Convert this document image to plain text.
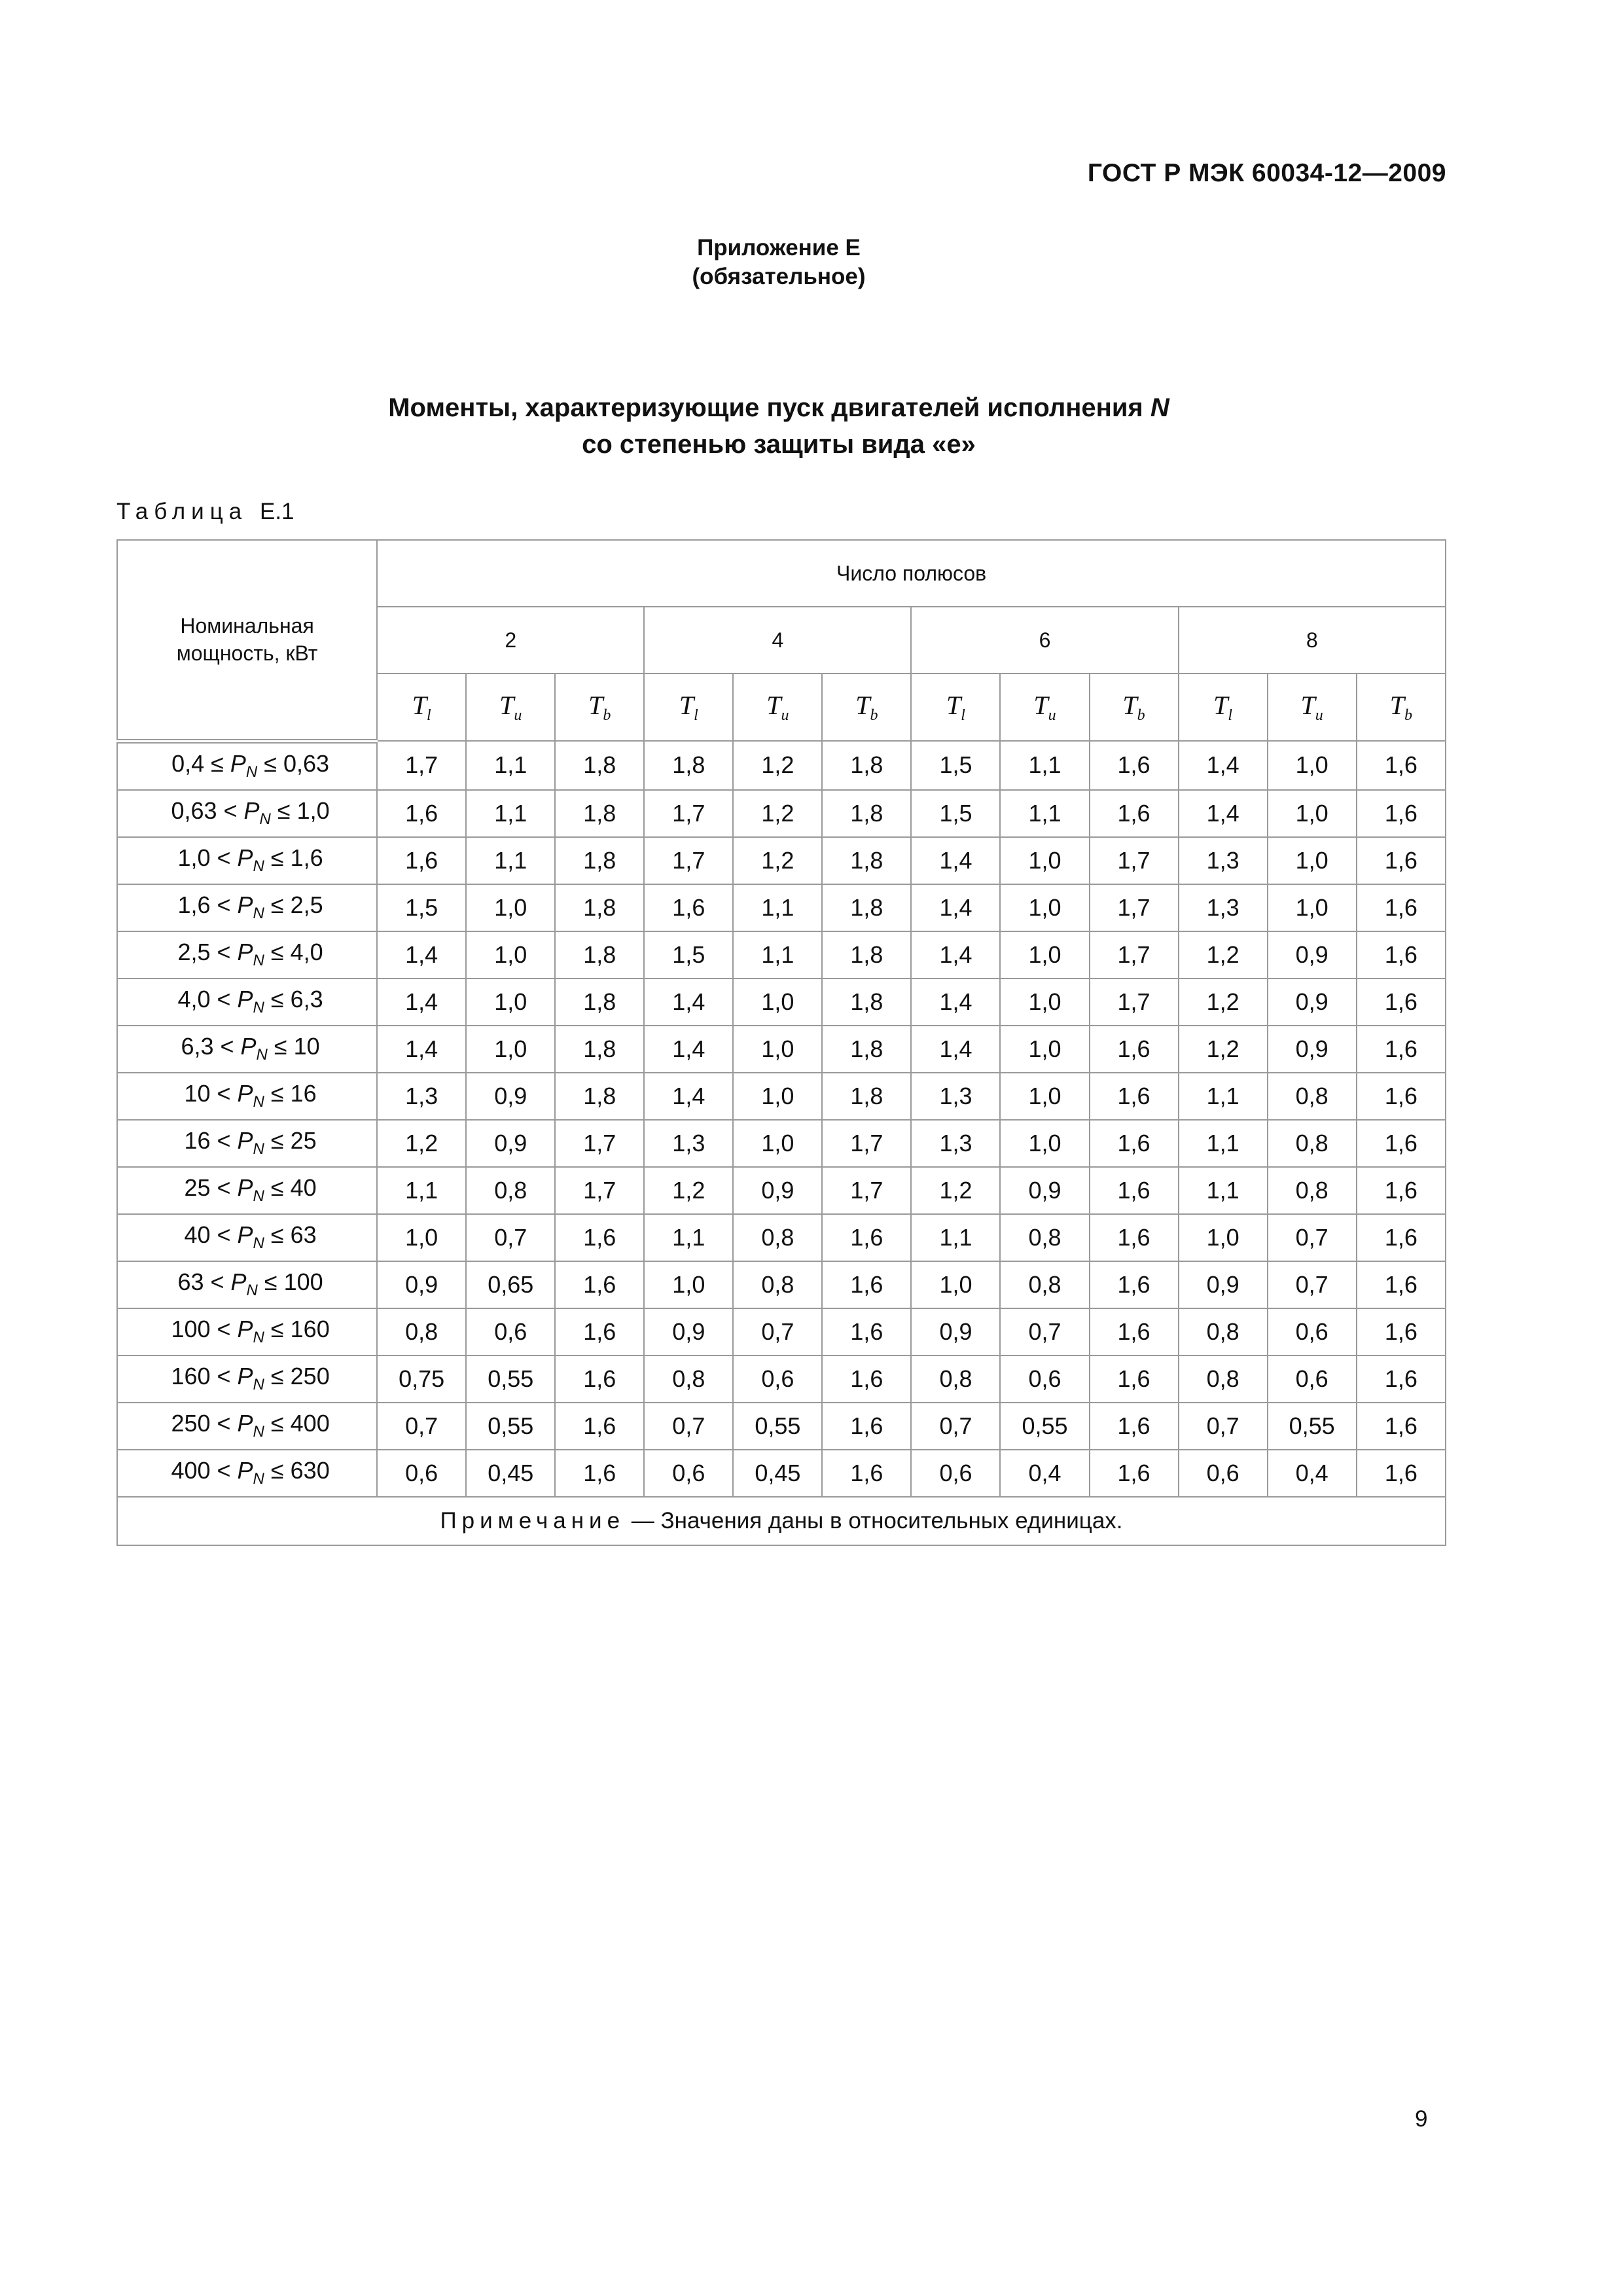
ГОСТ Р МЭК 60034-12—2009
Приложение E
(обязательное)
Моменты, характеризующие пуск двигателей исполнения N
со степенью защиты вида «е»
Таблица E.1
Номинальная мощность, кВт	Число полюсов											
	2			4			6			8		
	$T_l$	$T_u$	$T_b$	$T_l$	$T_u$	$T_b$	$T_l$	$T_u$	$T_b$	$T_l$	$T_u$	$T_b$
$0,4 \le P_N \le 0,63$	1,7	1,1	1,8	1,8	1,2	1,8	1,5	1,1	1,6	1,4	1,0	1,6
$0,63 < P_N \le 1,0$	1,6	1,1	1,8	1,7	1,2	1,8	1,5	1,1	1,6	1,4	1,0	1,6
$1,0 < P_N \le 1,6$	1,6	1,1	1,8	1,7	1,2	1,8	1,4	1,0	1,7	1,3	1,0	1,6
$1,6 < P_N \le 2,5$	1,5	1,0	1,8	1,6	1,1	1,8	1,4	1,0	1,7	1,3	1,0	1,6
$2,5 < P_N \le 4,0$	1,4	1,0	1,8	1,5	1,1	1,8	1,4	1,0	1,7	1,2	0,9	1,6
$4,0 < P_N \le 6,3$	1,4	1,0	1,8	1,4	1,0	1,8	1,4	1,0	1,7	1,2	0,9	1,6
$6,3 < P_N \le 10$	1,4	1,0	1,8	1,4	1,0	1,8	1,4	1,0	1,6	1,2	0,9	1,6
$10 < P_N \le 16$	1,3	0,9	1,8	1,4	1,0	1,8	1,3	1,0	1,6	1,1	0,8	1,6
$16 < P_N \le 25$	1,2	0,9	1,7	1,3	1,0	1,7	1,3	1,0	1,6	1,1	0,8	1,6
$25 < P_N \le 40$	1,1	0,8	1,7	1,2	0,9	1,7	1,2	0,9	1,6	1,1	0,8	1,6
$40 < P_N \le 63$	1,0	0,7	1,6	1,1	0,8	1,6	1,1	0,8	1,6	1,0	0,7	1,6
$63 < P_N \le 100$	0,9	0,65	1,6	1,0	0,8	1,6	1,0	0,8	1,6	0,9	0,7	1,6
$100 < P_N \le 160$	0,8	0,6	1,6	0,9	0,7	1,6	0,9	0,7	1,6	0,8	0,6	1,6
$160 < P_N \le 250$	0,75	0,55	1,6	0,8	0,6	1,6	0,8	0,6	1,6	0,8	0,6	1,6
$250 < P_N \le 400$	0,7	0,55	1,6	0,7	0,55	1,6	0,7	0,55	1,6	0,7	0,55	1,6
$400 < P_N \le 630$	0,6	0,45	1,6	0,6	0,45	1,6	0,6	0,4	1,6	0,6	0,4	1,6
Примечание — Значения даны в относительных единицах.												
9
